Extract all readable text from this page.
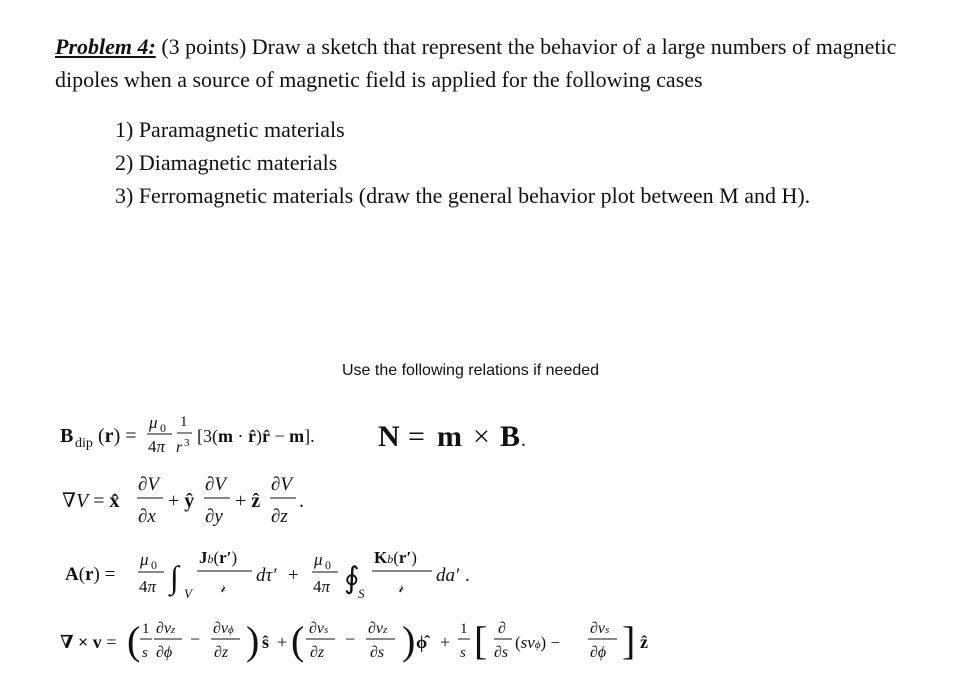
Problem 4: (3 points) Draw a sketch that represent the behavior of a large numbers of magnetic dipoles when a source of magnetic field is applied for the following cases
1) Paramagnetic materials
2) Diamagnetic materials
3) Ferromagnetic materials (draw the general behavior plot between M and H).
Use the following relations if needed
B dip (r) =
μ 0
4π
1
r 3 [3(m · r̂)r̂ − m]. N = m × B .
∇V = x̂
∂V
∂x
+ ŷ
∂V
∂y
+ ẑ
∂V
∂z
.
A(r) =
μ 0
4π ∫ V
Jb(r′)
𝓇
dτ′ +
μ 0
4π ∮
S
Kb(r′)
𝓇
da′ .
∇ × v = ( 1
s
∂vz
∂ϕ
−
∂vϕ
∂z ) ŝ + ( ∂vs
∂z
−
∂vz
∂s ) ϕ̂ +
1
s [ ∂
∂s
(svϕ) −
∂vs
∂ϕ ] ẑ
